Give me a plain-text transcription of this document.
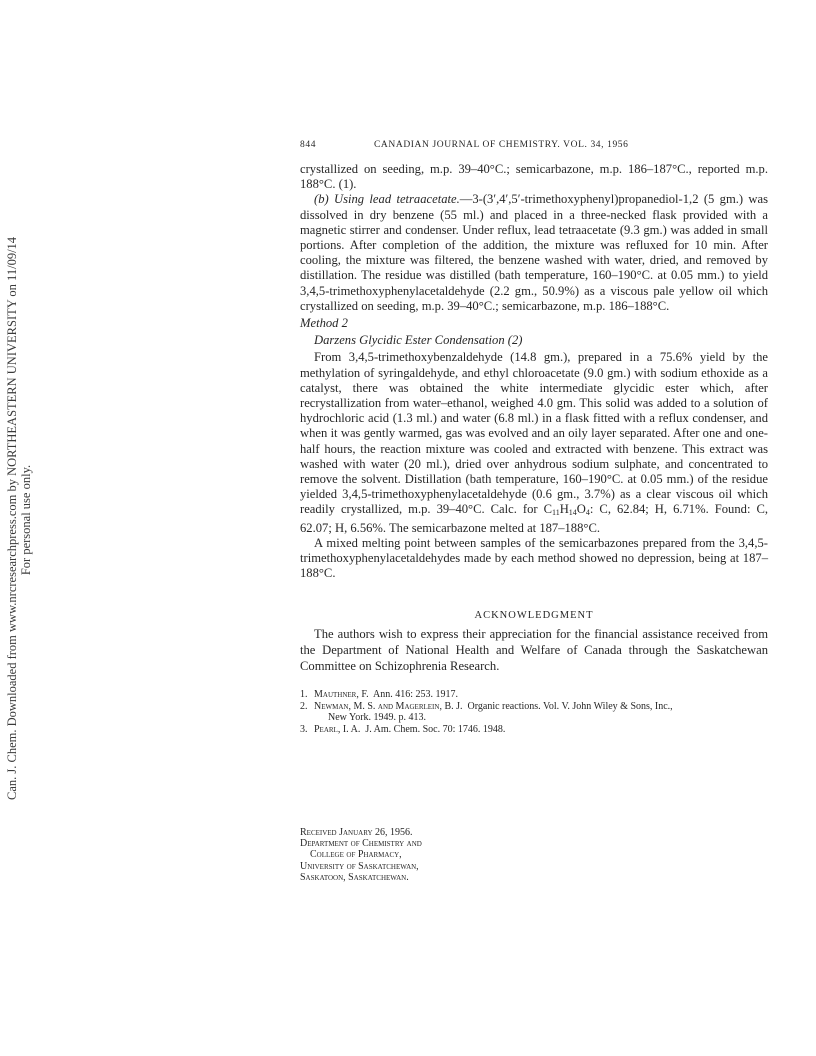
Can. J. Chem. Downloaded from www.nrcresearchpress.com by NORTHEASTERN UNIVERSITY on 11/09/14 For personal use only.
844	CANADIAN JOURNAL OF CHEMISTRY. VOL. 34, 1956

crystallized on seeding, m.p. 39–40°C.; semicarbazone, m.p. 186–187°C., reported m.p. 188°C. (1).

(b) Using lead tetraacetate.—3-(3′,4′,5′-trimethoxyphenyl)propanediol-1,2 (5 gm.) was dissolved in dry benzene (55 ml.) and placed in a three-necked flask provided with a magnetic stirrer and condenser. Under reflux, lead tetraacetate (9.3 gm.) was added in small portions. After completion of the addition, the mixture was refluxed for 10 min. After cooling, the mixture was filtered, the benzene washed with water, dried, and removed by distillation. The residue was distilled (bath temperature, 160–190°C. at 0.05 mm.) to yield 3,4,5-trimethoxyphenylacetaldehyde (2.2 gm., 50.9%) as a viscous pale yellow oil which crystallized on seeding, m.p. 39–40°C.; semicarbazone, m.p. 186–188°C.

Method 2

Darzens Glycidic Ester Condensation (2)

From 3,4,5-trimethoxybenzaldehyde (14.8 gm.), prepared in a 75.6% yield by the methylation of syringaldehyde, and ethyl chloroacetate (9.0 gm.) with sodium ethoxide as a catalyst, there was obtained the white intermediate glycidic ester which, after recrystallization from water–ethanol, weighed 4.0 gm. This solid was added to a solution of hydrochloric acid (1.3 ml.) and water (6.8 ml.) in a flask fitted with a reflux condenser, and when it was gently warmed, gas was evolved and an oily layer separated. After one and one-half hours, the reaction mixture was cooled and extracted with benzene. This extract was washed with water (20 ml.), dried over anhydrous sodium sulphate, and concentrated to remove the solvent. Distillation (bath temperature, 160–190°C. at 0.05 mm.) of the residue yielded 3,4,5-trimethoxyphenylacetaldehyde (0.6 gm., 3.7%) as a clear viscous oil which readily crystallized, m.p. 39–40°C. Calc. for $C_{11}H_{14}O_4$: C, 62.84; H, 6.71%. Found: C, 62.07; H, 6.56%. The semicarbazone melted at 187–188°C.

A mixed melting point between samples of the semicarbazones prepared from the 3,4,5-trimethoxyphenylacetaldehydes made by each method showed no depression, being at 187–188°C.

ACKNOWLEDGMENT

The authors wish to express their appreciation for the financial assistance received from the Department of National Health and Welfare of Canada through the Saskatchewan Committee on Schizophrenia Research.

1. Mauthner, F. Ann. 416: 253. 1917.
2. Newman, M. S. and Magerlein, B. J. Organic reactions. Vol. V. John Wiley & Sons, Inc.,
New York. 1949. p. 413.
3. Pearl, I. A. J. Am. Chem. Soc. 70: 1746. 1948.
Received January 26, 1956.
Department of Chemistry and
College of Pharmacy,
University of Saskatchewan,
Saskatoon, Saskatchewan.
